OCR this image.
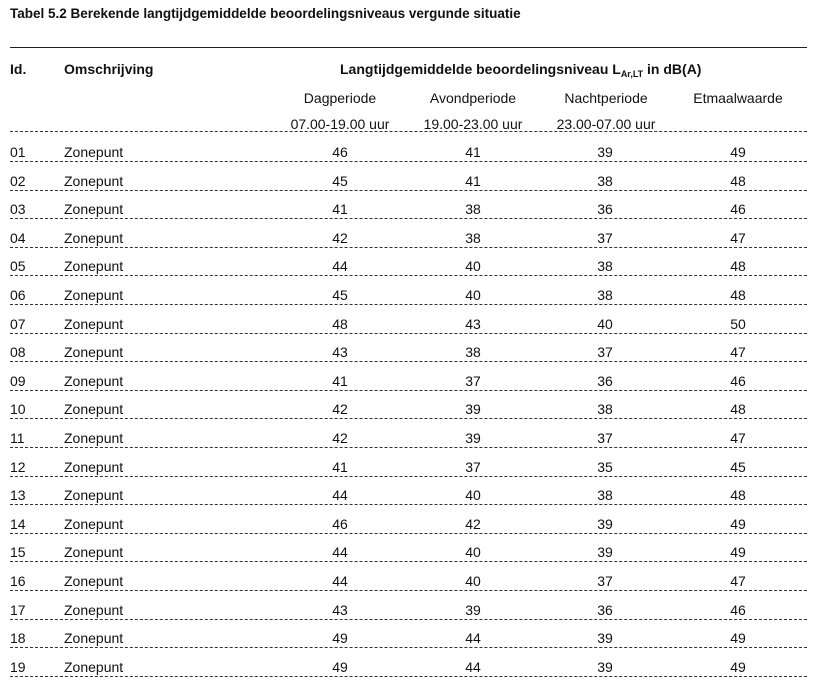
Tabel 5.2 Berekende langtijdgemiddelde beoordelingsniveaus vergunde situatie
Id.	Omschrijving	Langtijdgemiddelde beoordelingsniveau $L_{Ar,LT}$ in dB(A)
Dagperiode	Avondperiode	Nachtperiode	Etmaalwaarde
07.00-19.00 uur	19.00-23.00 uur	23.00-07.00 uur
01	Zonepunt	46	41	39	49
02	Zonepunt	45	41	38	48
03	Zonepunt	41	38	36	46
04	Zonepunt	42	38	37	47
05	Zonepunt	44	40	38	48
06	Zonepunt	45	40	38	48
07	Zonepunt	48	43	40	50
08	Zonepunt	43	38	37	47
09	Zonepunt	41	37	36	46
10	Zonepunt	42	39	38	48
11	Zonepunt	42	39	37	47
12	Zonepunt	41	37	35	45
13	Zonepunt	44	40	38	48
14	Zonepunt	46	42	39	49
15	Zonepunt	44	40	39	49
16	Zonepunt	44	40	37	47
17	Zonepunt	43	39	36	46
18	Zonepunt	49	44	39	49
19	Zonepunt	49	44	39	49
